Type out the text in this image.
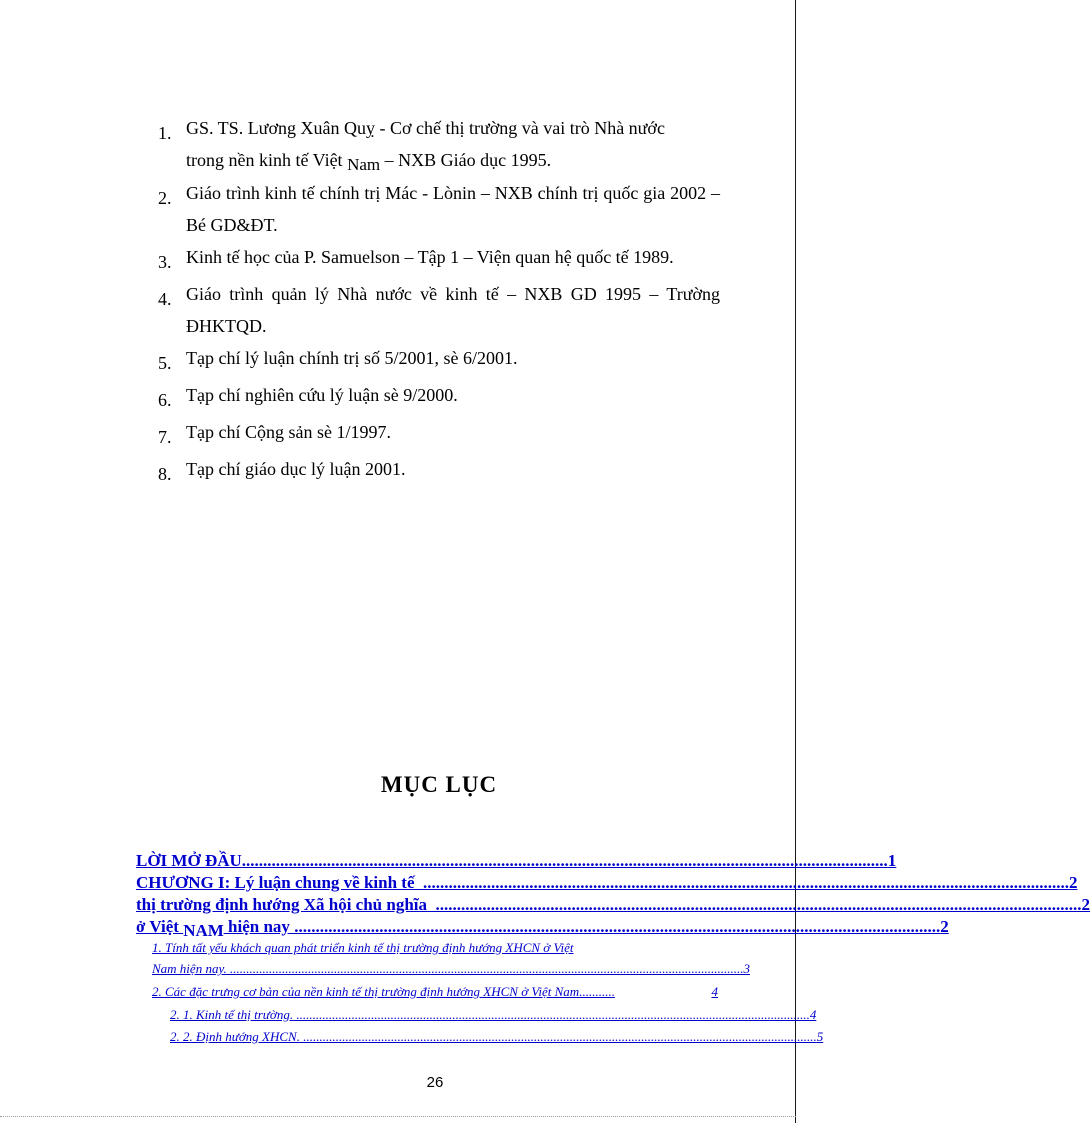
1. GS. TS. Lương Xuân Quỵ - Cơ chế thị trường và vai trò Nhà nước
trong nền kinh tế Việt Nam – NXB Giáo dục 1995.
2. Giáo trình kinh tế chính trị Mác - Lònin – NXB chính trị quốc gia 2002 – Bé GD&ĐT.
3. Kinh tế học của P. Samuelson – Tập 1 – Viện quan hệ quốc tế 1989.
4. Giáo trình quản lý Nhà nước về kinh tế – NXB GD 1995 – Trường ĐHKTQD.
5. Tạp chí lý luận chính trị số 5/2001, sè 6/2001.
6. Tạp chí nghiên cứu lý luận sè 9/2000.
7. Tạp chí Cộng sản sè 1/1997.
8. Tạp chí giáo dục lý luận 2001.
MỤC LỤC
LỜI MỞ ĐẦU ........................................................................................................................................................ 1
CHƯƠNG I: Lý luận chung về kinh tế ........................................................................................................................................................ 2
thị trường định hướng Xã hội chủ nghĩa ........................................................................................................................................................ 2
ở Việt NAM hiện nay ........................................................................................................................................................ 2
1. Tính tất yếu khách quan phát triển kinh tế thị trường định hướng XHCN ở Việt
Nam hiện nay. .............................................................................................................................................................. 3
2. Các đặc trưng cơ bản của nền kinh tế thị trường định hướng XHCN ở Việt Nam ...........	4
2. 1. Kinh tế thị trường. .............................................................................................................................................................. 4
2. 2. Định hướng XHCN. .............................................................................................................................................................. 5

26
